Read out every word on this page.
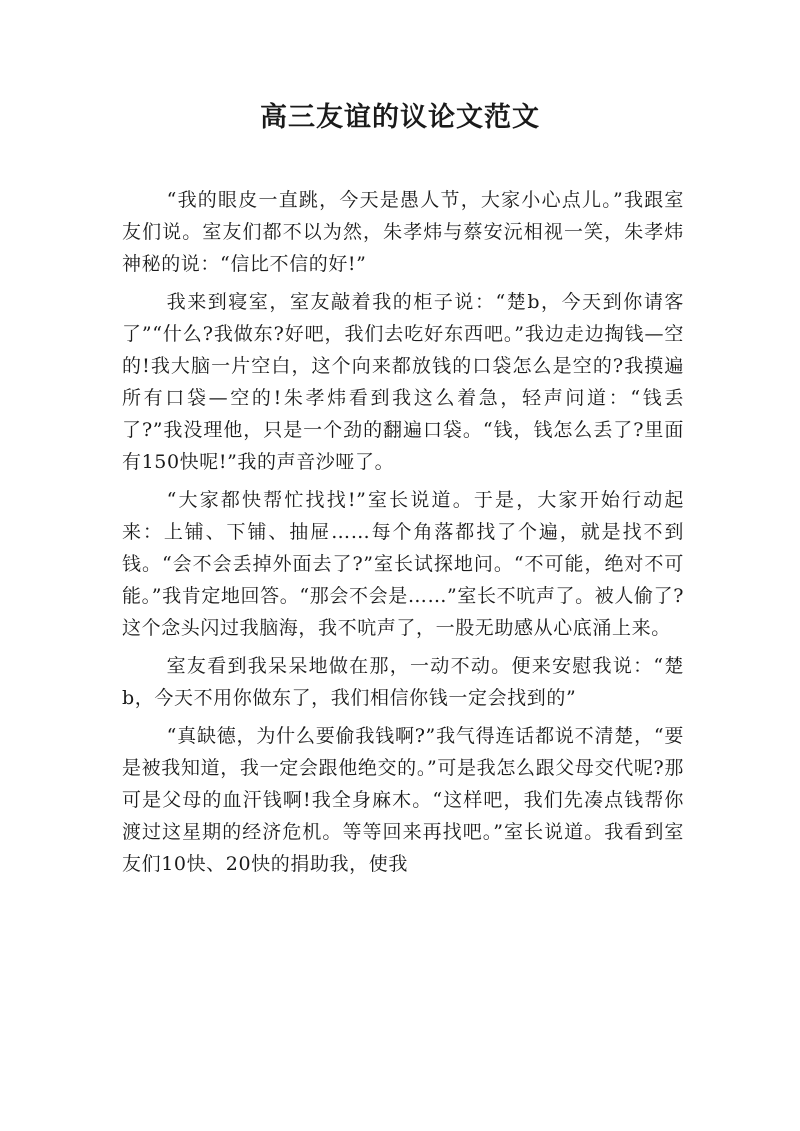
高三友谊的议论文范文

“我的眼皮一直跳，今天是愚人节，大家小心点儿。”我跟室友们说。室友们都不以为然，朱孝炜与蔡安沅相视一笑，朱孝炜神秘的说：“信比不信的好!”

我来到寝室，室友敲着我的柜子说：“楚b，今天到你请客了”“什么?我做东?好吧，我们去吃好东西吧。”我边走边掏钱—空的!我大脑一片空白，这个向来都放钱的口袋怎么是空的?我摸遍所有口袋—空的!朱孝炜看到我这么着急，轻声问道：“钱丢了?”我没理他，只是一个劲的翻遍口袋。“钱，钱怎么丢了?里面有150快呢!”我的声音沙哑了。

“大家都快帮忙找找!”室长说道。于是，大家开始行动起来：上铺、下铺、抽屉……每个角落都找了个遍，就是找不到钱。“会不会丢掉外面去了?”室长试探地问。“不可能，绝对不可能。”我肯定地回答。“那会不会是……”室长不吭声了。被人偷了?这个念头闪过我脑海，我不吭声了，一股无助感从心底涌上来。

室友看到我呆呆地做在那，一动不动。便来安慰我说：“楚b，今天不用你做东了，我们相信你钱一定会找到的”

“真缺德，为什么要偷我钱啊?”我气得连话都说不清楚，“要是被我知道，我一定会跟他绝交的。”可是我怎么跟父母交代呢?那可是父母的血汗钱啊!我全身麻木。“这样吧，我们先凑点钱帮你渡过这星期的经济危机。等等回来再找吧。”室长说道。我看到室友们10快、20快的捐助我，使我
